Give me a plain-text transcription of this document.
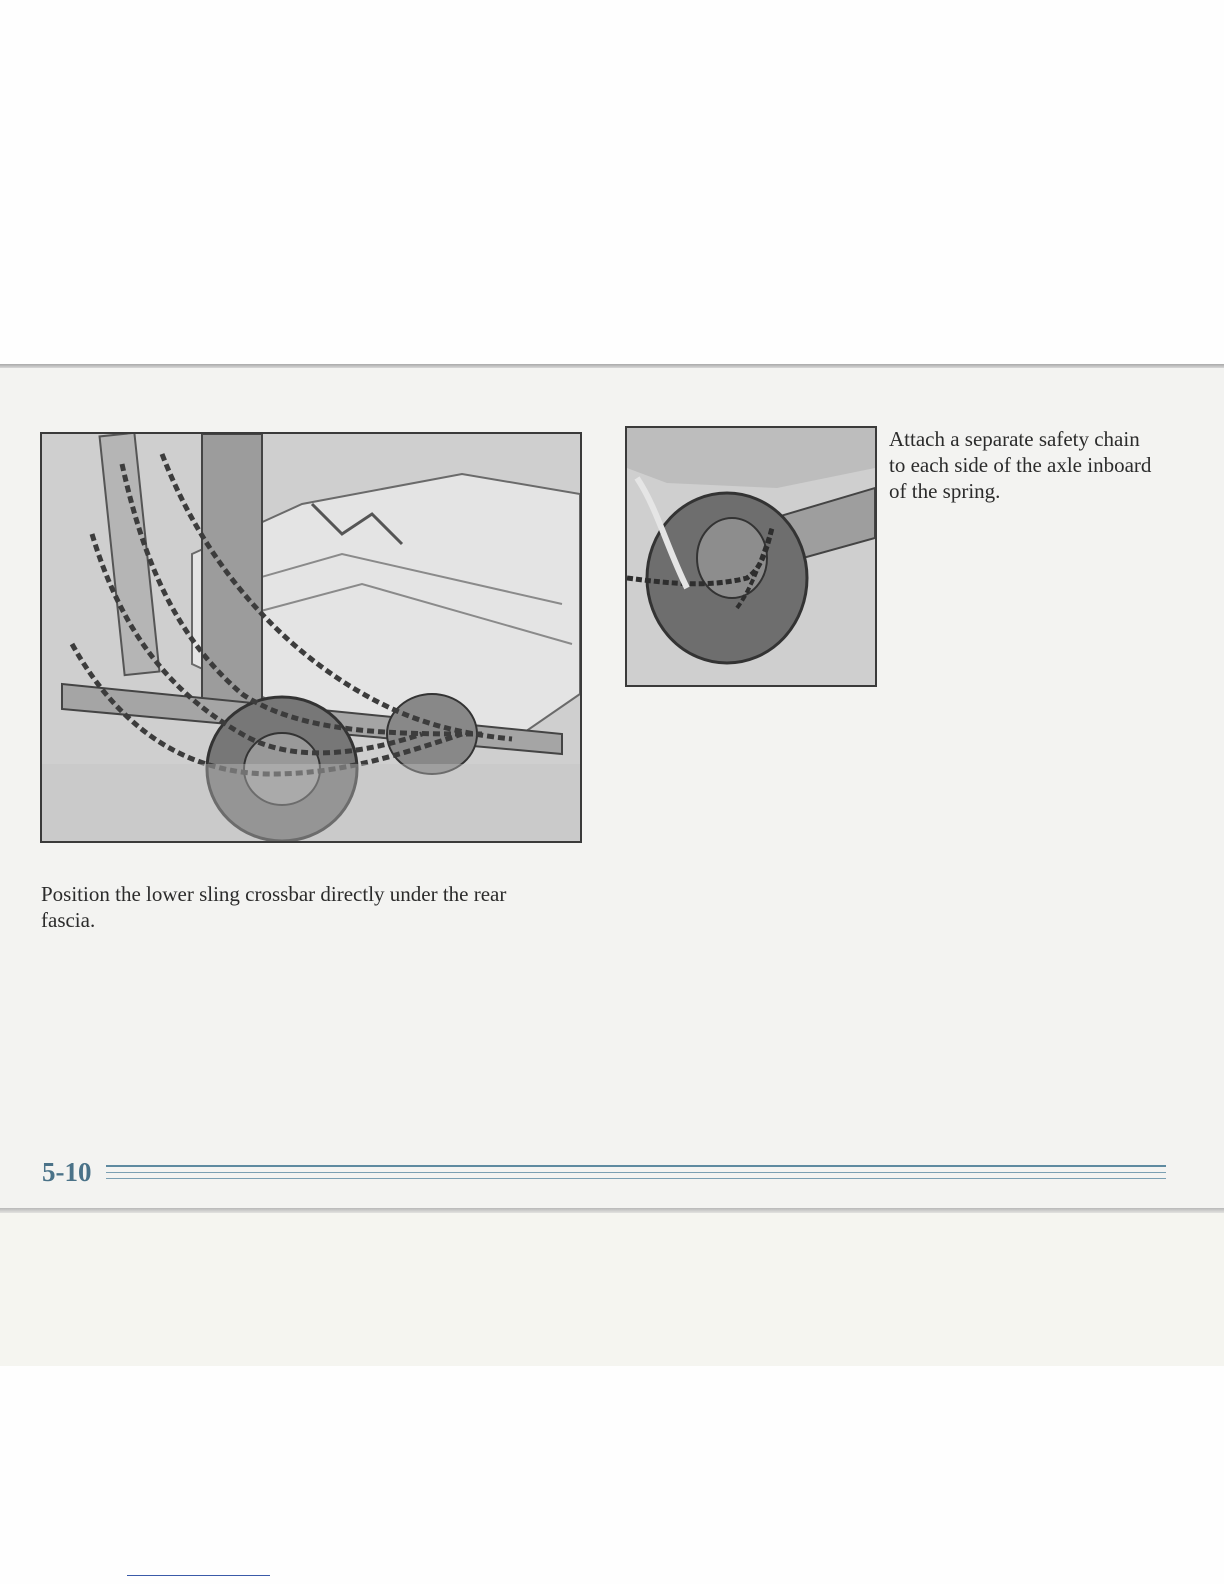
Position the lower sling crossbar directly under the rear fascia.

Attach a separate safety chain to each side of the axle inboard of the spring.

5-10
